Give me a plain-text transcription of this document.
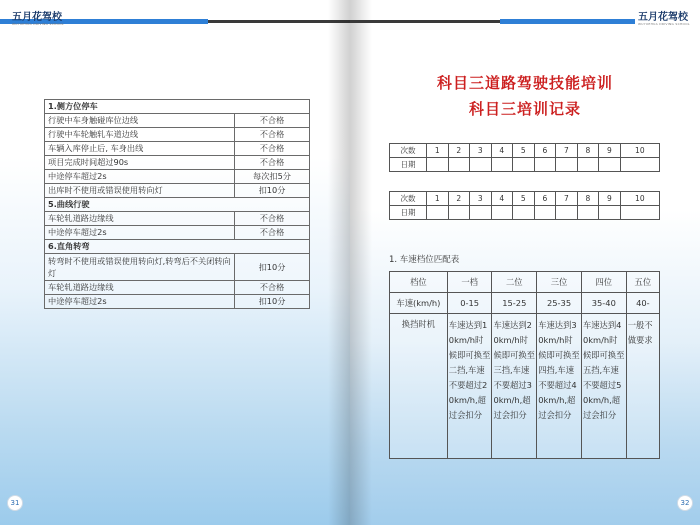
五月花驾校
WUYUEHUA DRIVING SCHOOL
1.侧方位停车	
行驶中车身触碰库位边线	不合格
行驶中车轮触轧车道边线	不合格
车辆入库停止后, 车身出线	不合格
项目完成时间超过90s	不合格
中途停车超过2s	每次扣5分
出库时不使用或错误使用转向灯	扣10分
5.曲线行驶	
车轮轧道路边缘线	不合格
中途停车超过2s	不合格
6.直角转弯	
转弯时不使用或错误使用转向灯,转弯后不关闭转向灯	扣10分
车轮轧道路边缘线	不合格
中途停车超过2s	扣10分
31
五月花驾校
WUYUEHUA DRIVING SCHOOL
科目三道路驾驶技能培训
科目三培训记录
次数	1	2	3	4	5	6	7	8	9	10
日期										
次数	1	2	3	4	5	6	7	8	9	10
日期										
1. 车速档位匹配表
档位	一档	二位	三位	四位	五位
车速(km/h)	0-15	15-25	25-35	35-40	40-
换挡时机	车速达到10km/h时候即可换至二挡,车速不要超过20km/h,超过会扣分	车速达到20km/h时候即可换至三挡,车速不要超过30km/h,超过会扣分	车速达到30km/h时候即可换至四挡,车速不要超过40km/h,超过会扣分	车速达到40km/h时候即可换至五挡,车速不要超过50km/h,超过会扣分	一般不做要求
32
